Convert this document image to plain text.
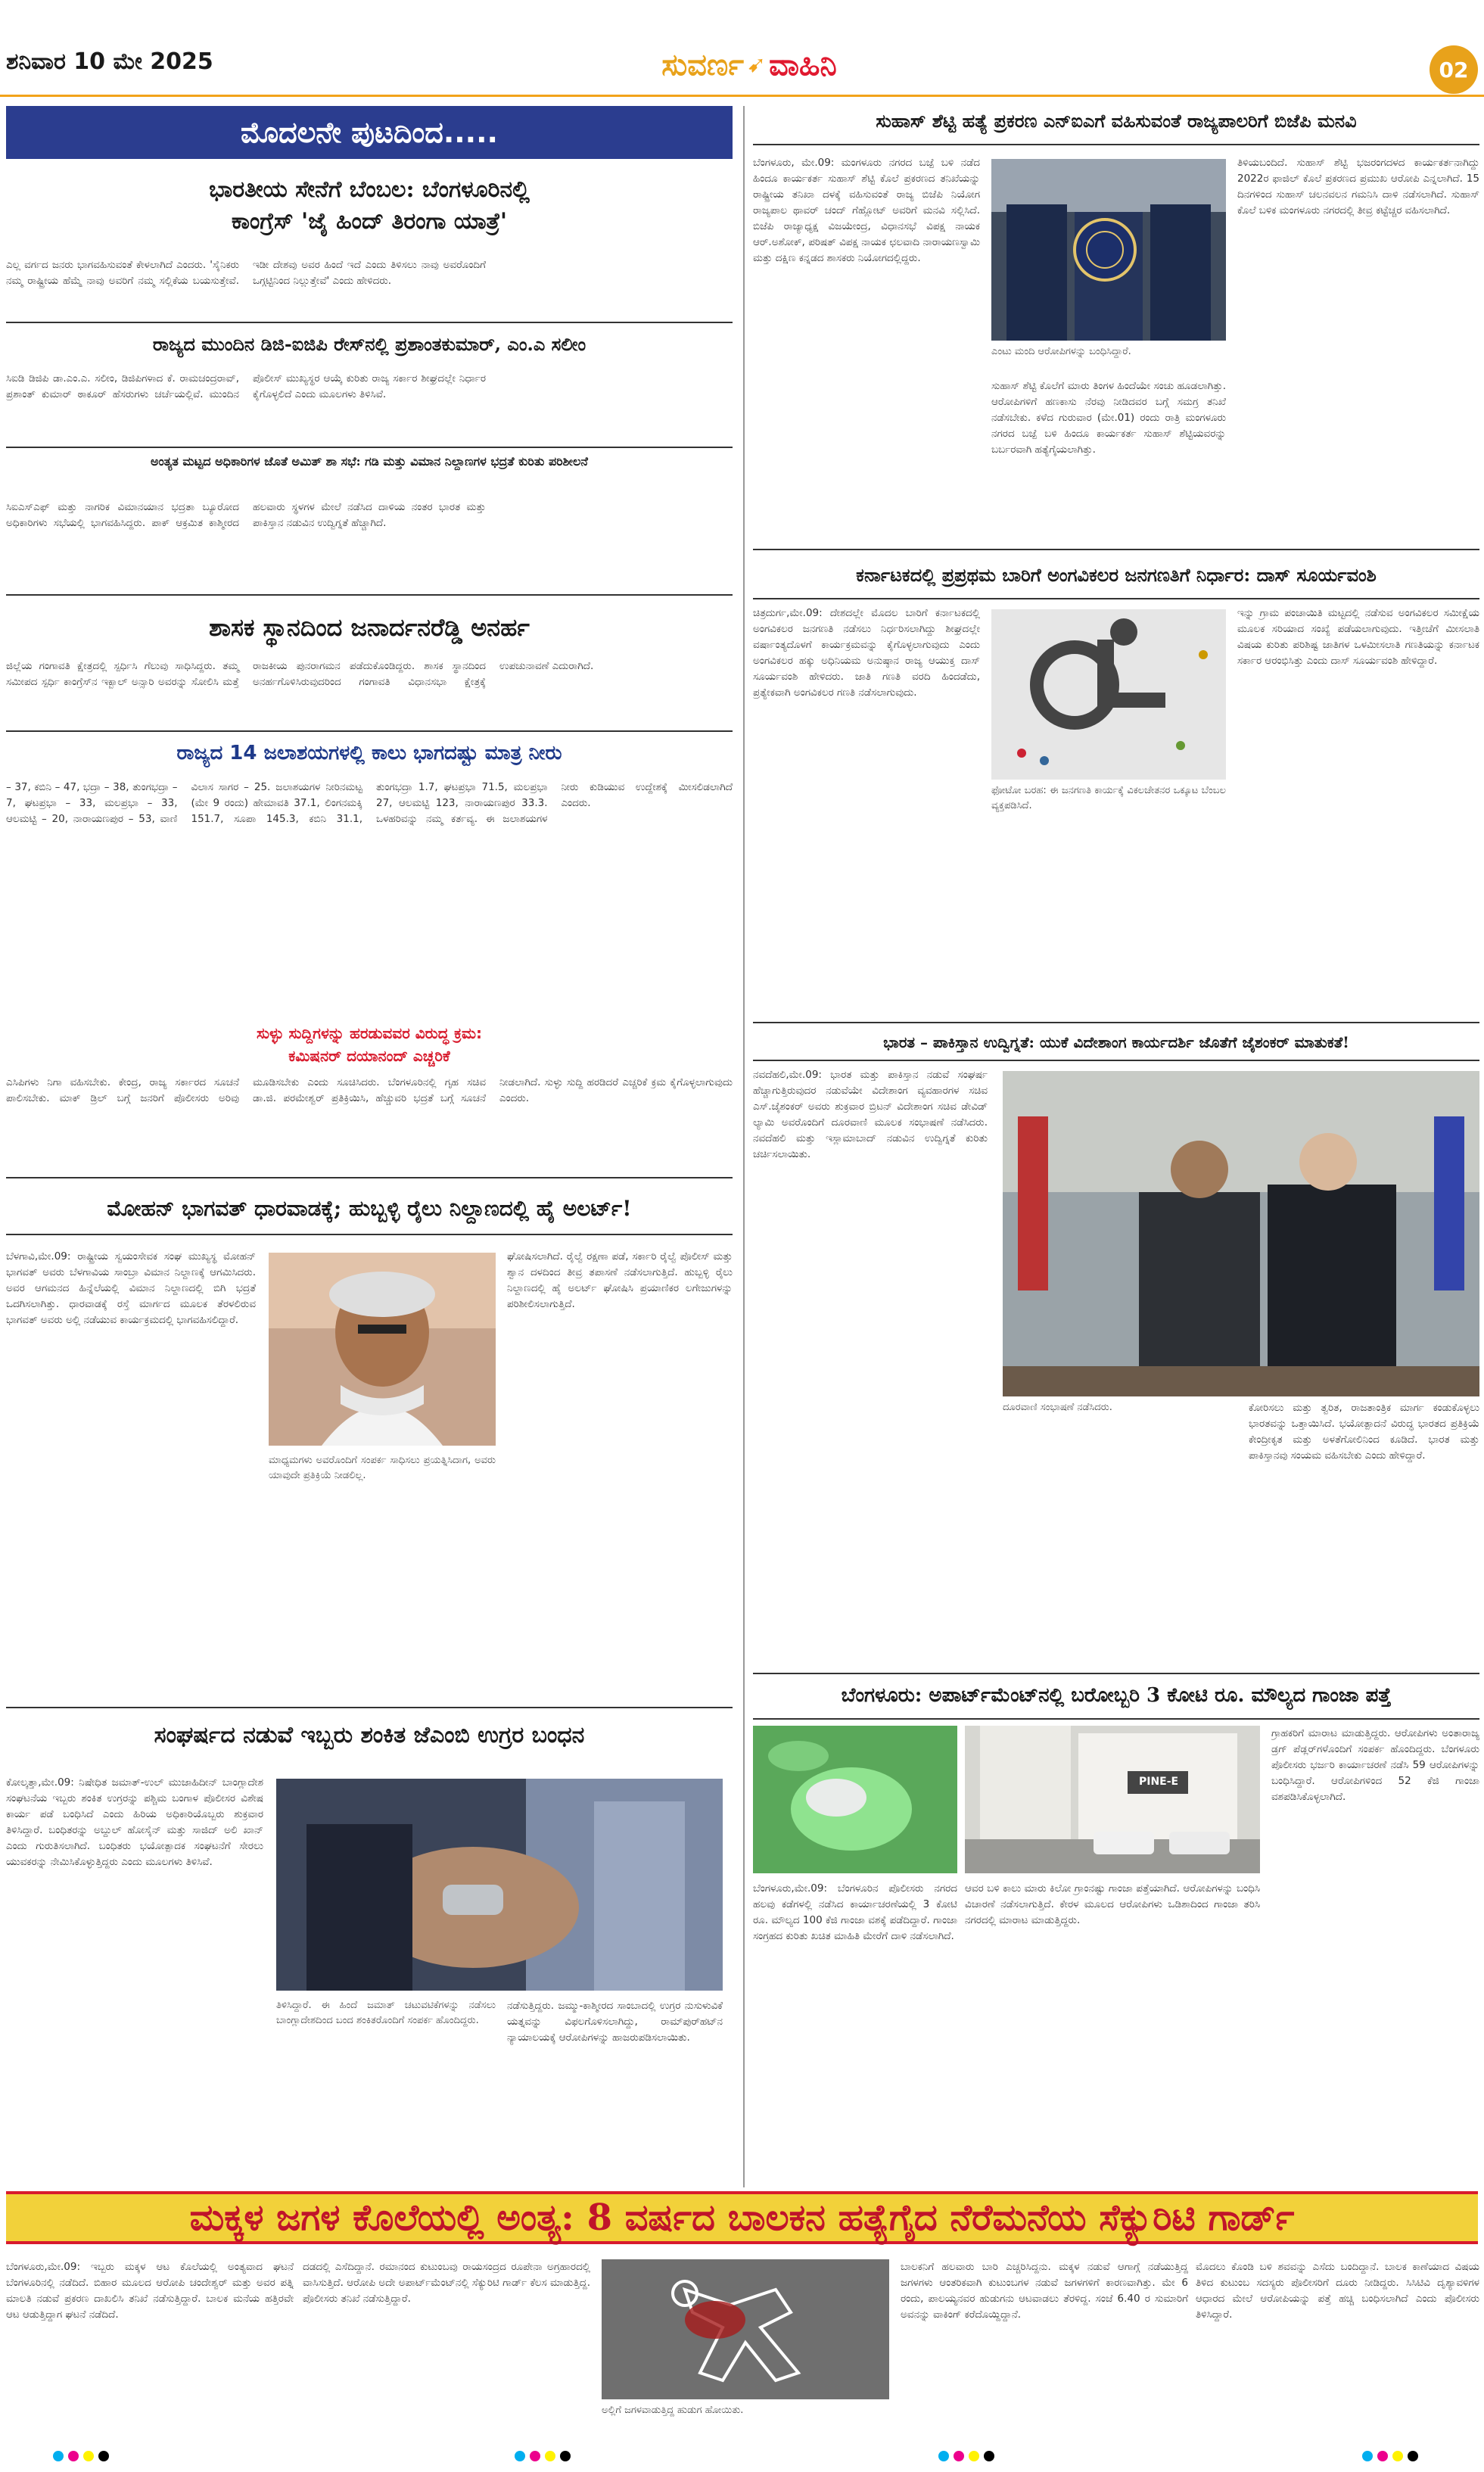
ಶನಿವಾರ 10 ಮೇ 2025	ಸುವರ್ಣ ➹ ವಾಹಿನಿ	02
ಮೊದಲನೇ ಪುಟದಿಂದ.....
ಭಾರತೀಯ ಸೇನೆಗೆ ಬೆಂಬಲ: ಬೆಂಗಳೂರಿನಲ್ಲಿ
ಕಾಂಗ್ರೆಸ್ 'ಜೈ ಹಿಂದ್ ತಿರಂಗಾ ಯಾತ್ರೆ'
ಎಲ್ಲ ವರ್ಗದ ಜನರು ಭಾಗವಹಿಸುವಂತೆ ಕೇಳಲಾಗಿದೆ ಎಂದರು. 'ಸೈನಿಕರು ನಮ್ಮ ರಾಷ್ಟ್ರೀಯ ಹೆಮ್ಮೆ ನಾವು ಅವರಿಗೆ ನಮ್ಮ ಸಲ್ಲಿಕೆಯ ಬಯಸುತ್ತೇವೆ. ಇಡೀ ದೇಶವು ಅವರ ಹಿಂದೆ ಇದೆ ಎಂದು ತಿಳಿಸಲು ನಾವು ಅವರೊಂದಿಗೆ ಒಗ್ಗಟ್ಟಿನಿಂದ ನಿಲ್ಲುತ್ತೇವೆ' ಎಂದು ಹೇಳಿದರು.
ರಾಜ್ಯದ ಮುಂದಿನ ಡಿಜಿ-ಐಜಿಪಿ ರೇಸ್‌ನಲ್ಲಿ ಪ್ರಶಾಂತಕುಮಾರ್, ಎಂ.ಎ ಸಲೀಂ
ಸಿಐಡಿ ಡಿಜಿಪಿ ಡಾ.ಎಂ.ಎ. ಸಲೀಂ, ಡಿಜಿಪಿಗಳಾದ ಕೆ. ರಾಮಚಂದ್ರರಾವ್, ಪ್ರಶಾಂತ್ ಕುಮಾರ್ ಠಾಕೂರ್ ಹೆಸರುಗಳು ಚರ್ಚೆಯಲ್ಲಿವೆ. ಮುಂದಿನ ಪೊಲೀಸ್ ಮುಖ್ಯಸ್ಥರ ಆಯ್ಕೆ ಕುರಿತು ರಾಜ್ಯ ಸರ್ಕಾರ ಶೀಘ್ರದಲ್ಲೇ ನಿರ್ಧಾರ ಕೈಗೊಳ್ಳಲಿದೆ ಎಂದು ಮೂಲಗಳು ತಿಳಿಸಿವೆ.
ಅಂತ್ಯತ ಮಟ್ಟದ ಅಧಿಕಾರಿಗಳ ಜೊತೆ ಅಮಿತ್ ಶಾ ಸಭೆ: ಗಡಿ ಮತ್ತು ವಿಮಾನ ನಿಲ್ದಾಣಗಳ ಭದ್ರತೆ ಕುರಿತು ಪರಿಶೀಲನೆ
ಸಿಐಎಸ್‌ಎಫ್ ಮತ್ತು ನಾಗರಿಕ ವಿಮಾನಯಾನ ಭದ್ರತಾ ಬ್ಯೂರೋದ ಅಧಿಕಾರಿಗಳು ಸಭೆಯಲ್ಲಿ ಭಾಗವಹಿಸಿದ್ದರು. ಪಾಕ್ ಆಕ್ರಮಿತ ಕಾಶ್ಮೀರದ ಹಲವಾರು ಸ್ಥಳಗಳ ಮೇಲೆ ನಡೆಸಿದ ದಾಳಿಯ ನಂತರ ಭಾರತ ಮತ್ತು ಪಾಕಿಸ್ತಾನ ನಡುವಿನ ಉದ್ವಿಗ್ನತೆ ಹೆಚ್ಚಾಗಿದೆ.
ಶಾಸಕ ಸ್ಥಾನದಿಂದ ಜನಾರ್ದನರೆಡ್ಡಿ ಅನರ್ಹ
ಜಿಲ್ಲೆಯ ಗಂಗಾವತಿ ಕ್ಷೇತ್ರದಲ್ಲಿ ಸ್ಪರ್ಧಿಸಿ ಗೆಲುವು ಸಾಧಿಸಿದ್ದರು. ತಮ್ಮ ಸಮೀಪದ ಸ್ಪರ್ಧಿ ಕಾಂಗ್ರೆಸ್‌ನ ಇಕ್ಬಾಲ್ ಅನ್ಸಾರಿ ಅವರನ್ನು ಸೋಲಿಸಿ ಮತ್ತೆ ರಾಜಕೀಯ ಪುನರಾಗಮನ ಪಡೆದುಕೊಂಡಿದ್ದರು. ಶಾಸಕ ಸ್ಥಾನದಿಂದ ಅನರ್ಹಗೊಳಿಸಿರುವುದರಿಂದ ಗಂಗಾವತಿ ವಿಧಾನಸಭಾ ಕ್ಷೇತ್ರಕ್ಕೆ ಉಪಚುನಾವಣೆ ಎದುರಾಗಿದೆ.
ರಾಜ್ಯದ 14 ಜಲಾಶಯಗಳಲ್ಲಿ ಕಾಲು ಭಾಗದಷ್ಟು ಮಾತ್ರ ನೀರು
– 37, ಕಬಿನಿ – 47, ಭದ್ರಾ – 38, ತುಂಗಭದ್ರಾ – 7, ಘಟಪ್ರಭಾ – 33, ಮಲಪ್ರಭಾ – 33, ಆಲಮಟ್ಟಿ – 20, ನಾರಾಯಣಪುರ – 53, ವಾಣಿ ವಿಲಾಸ ಸಾಗರ – 25. ಜಲಾಶಯಗಳ ನೀರಿನಮಟ್ಟ (ಮೇ 9 ರಂದು) ಹೇಮಾವತಿ 37.1, ಲಿಂಗನಮಕ್ಕಿ 151.7, ಸೂಪಾ 145.3, ಕಬಿನಿ 31.1, ತುಂಗಭದ್ರಾ 1.7, ಘಟಪ್ರಭಾ 71.5, ಮಲಪ್ರಭಾ 27, ಆಲಮಟ್ಟಿ 123, ನಾರಾಯಣಪುರ 33.3. ಒಳಹರಿವನ್ನು ನಮ್ಮ ಕರ್ತವ್ಯ. ಈ ಜಲಾಶಯಗಳ ನೀರು ಕುಡಿಯುವ ಉದ್ದೇಶಕ್ಕೆ ಮೀಸಲಿಡಲಾಗಿದೆ ಎಂದರು.
ಸುಳ್ಳು ಸುದ್ದಿಗಳನ್ನು ಹರಡುವವರ ವಿರುದ್ಧ ಕ್ರಮ:
ಕಮಿಷನರ್ ದಯಾನಂದ್ ಎಚ್ಚರಿಕೆ
ಎಸಿಪಿಗಳು ನಿಗಾ ವಹಿಸಬೇಕು. ಕೇಂದ್ರ, ರಾಜ್ಯ ಸರ್ಕಾರದ ಸೂಚನೆ ಪಾಲಿಸಬೇಕು. ಮಾಕ್ ಡ್ರಿಲ್ ಬಗ್ಗೆ ಜನರಿಗೆ ಪೊಲೀಸರು ಅರಿವು ಮೂಡಿಸಬೇಕು ಎಂದು ಸೂಚಿಸಿದರು. ಬೆಂಗಳೂರಿನಲ್ಲಿ ಗೃಹ ಸಚಿವ ಡಾ.ಜಿ. ಪರಮೇಶ್ವರ್ ಪ್ರತಿಕ್ರಿಯಿಸಿ, ಹೆಚ್ಚುವರಿ ಭದ್ರತೆ ಬಗ್ಗೆ ಸೂಚನೆ ನೀಡಲಾಗಿದೆ. ಸುಳ್ಳು ಸುದ್ದಿ ಹರಡಿದರೆ ಎಚ್ಚರಿಕೆ ಕ್ರಮ ಕೈಗೊಳ್ಳಲಾಗುವುದು ಎಂದರು.
ಮೋಹನ್ ಭಾಗವತ್ ಧಾರವಾಡಕ್ಕೆ; ಹುಬ್ಬಳ್ಳಿ ರೈಲು ನಿಲ್ದಾಣದಲ್ಲಿ ಹೈ ಅಲರ್ಟ್!
ಬೆಳಗಾವಿ,ಮೇ.09: ರಾಷ್ಟ್ರೀಯ ಸ್ವಯಂಸೇವಕ ಸಂಘ ಮುಖ್ಯಸ್ಥ ಮೋಹನ್ ಭಾಗವತ್ ಅವರು ಬೆಳಗಾವಿಯ ಸಾಂಬ್ರಾ ವಿಮಾನ ನಿಲ್ದಾಣಕ್ಕೆ ಆಗಮಿಸಿದರು. ಅವರ ಆಗಮನದ ಹಿನ್ನೆಲೆಯಲ್ಲಿ ವಿಮಾನ ನಿಲ್ದಾಣದಲ್ಲಿ ಬಿಗಿ ಭದ್ರತೆ ಒದಗಿಸಲಾಗಿತ್ತು. ಧಾರವಾಡಕ್ಕೆ ರಸ್ತೆ ಮಾರ್ಗದ ಮೂಲಕ ತೆರಳಲಿರುವ ಭಾಗವತ್ ಅವರು ಅಲ್ಲಿ ನಡೆಯುವ ಕಾರ್ಯಕ್ರಮದಲ್ಲಿ ಭಾಗವಹಿಸಲಿದ್ದಾರೆ.
ಮಾಧ್ಯಮಗಳು ಅವರೊಂದಿಗೆ ಸಂಪರ್ಕ ಸಾಧಿಸಲು ಪ್ರಯತ್ನಿಸಿದಾಗ, ಅವರು ಯಾವುದೇ ಪ್ರತಿಕ್ರಿಯೆ ನೀಡಲಿಲ್ಲ.
ಘೋಷಿಸಲಾಗಿದೆ. ರೈಲ್ವೆ ರಕ್ಷಣಾ ಪಡೆ, ಸರ್ಕಾರಿ ರೈಲ್ವೆ ಪೊಲೀಸ್ ಮತ್ತು ಶ್ವಾನ ದಳದಿಂದ ತೀವ್ರ ತಪಾಸಣೆ ನಡೆಸಲಾಗುತ್ತಿದೆ. ಹುಬ್ಬಳ್ಳಿ ರೈಲು ನಿಲ್ದಾಣದಲ್ಲಿ ಹೈ ಅಲರ್ಟ್ ಘೋಷಿಸಿ ಪ್ರಯಾಣಿಕರ ಲಗೇಜುಗಳನ್ನು ಪರಿಶೀಲಿಸಲಾಗುತ್ತಿದೆ.
ಸಂಘರ್ಷದ ನಡುವೆ ಇಬ್ಬರು ಶಂಕಿತ ಜೆಎಂಬಿ ಉಗ್ರರ ಬಂಧನ
ಕೋಲ್ಕತ್ತಾ,ಮೇ.09: ನಿಷೇಧಿತ ಜಮಾತ್-ಉಲ್ ಮುಜಾಹಿದೀನ್ ಬಾಂಗ್ಲಾದೇಶ ಸಂಘಟನೆಯ ಇಬ್ಬರು ಶಂಕಿತ ಉಗ್ರರನ್ನು ಪಶ್ಚಿಮ ಬಂಗಾಳ ಪೊಲೀಸರ ವಿಶೇಷ ಕಾರ್ಯ ಪಡೆ ಬಂಧಿಸಿದೆ ಎಂದು ಹಿರಿಯ ಅಧಿಕಾರಿಯೊಬ್ಬರು ಶುಕ್ರವಾರ ತಿಳಿಸಿದ್ದಾರೆ. ಬಂಧಿತರನ್ನು ಅಬ್ದುಲ್ ಹೋಸೈನ್ ಮತ್ತು ಸಾಜಿದ್ ಅಲಿ ಖಾನ್ ಎಂದು ಗುರುತಿಸಲಾಗಿದೆ. ಬಂಧಿತರು ಭಯೋತ್ಪಾದಕ ಸಂಘಟನೆಗೆ ಸೇರಲು ಯುವಕರನ್ನು ನೇಮಿಸಿಕೊಳ್ಳುತ್ತಿದ್ದರು ಎಂದು ಮೂಲಗಳು ತಿಳಿಸಿವೆ.
ತಿಳಿಸಿದ್ದಾರೆ. ಈ ಹಿಂದೆ ಜಮಾತ್ ಚಟುವಟಿಕೆಗಳನ್ನು ನಡೆಸಲು ಬಾಂಗ್ಲಾದೇಶದಿಂದ ಬಂದ ಶಂಕಿತರೊಂದಿಗೆ ಸಂಪರ್ಕ ಹೊಂದಿದ್ದರು.
ನಡೆಸುತ್ತಿದ್ದರು. ಜಮ್ಮು-ಕಾಶ್ಮೀರದ ಸಾಂಬಾದಲ್ಲಿ ಉಗ್ರರ ನುಸುಳುವಿಕೆ ಯತ್ನವನ್ನು ವಿಫಲಗೊಳಿಸಲಾಗಿದ್ದು, ರಾಮ್‌ಪುರ್‌ಹಟ್‌ನ ನ್ಯಾಯಾಲಯಕ್ಕೆ ಆರೋಪಿಗಳನ್ನು ಹಾಜರುಪಡಿಸಲಾಯಿತು.
ಸುಹಾಸ್ ಶೆಟ್ಟಿ ಹತ್ಯೆ ಪ್ರಕರಣ ಎನ್‌ಐಎಗೆ ವಹಿಸುವಂತೆ ರಾಜ್ಯಪಾಲರಿಗೆ ಬಿಜೆಪಿ ಮನವಿ
ಬೆಂಗಳೂರು, ಮೇ.09: ಮಂಗಳೂರು ನಗರದ ಬಜ್ಪೆ ಬಳಿ ನಡೆದ ಹಿಂದೂ ಕಾರ್ಯಕರ್ತ ಸುಹಾಸ್ ಶೆಟ್ಟಿ ಕೊಲೆ ಪ್ರಕರಣದ ತನಿಖೆಯನ್ನು ರಾಷ್ಟ್ರೀಯ ತನಿಖಾ ದಳಕ್ಕೆ ವಹಿಸುವಂತೆ ರಾಜ್ಯ ಬಿಜೆಪಿ ನಿಯೋಗ ರಾಜ್ಯಪಾಲ ಥಾವರ್ ಚಂದ್ ಗೆಹ್ಲೋಟ್ ಅವರಿಗೆ ಮನವಿ ಸಲ್ಲಿಸಿದೆ. ಬಿಜೆಪಿ ರಾಜ್ಯಾಧ್ಯಕ್ಷ ವಿಜಯೇಂದ್ರ, ವಿಧಾನಸಭೆ ವಿಪಕ್ಷ ನಾಯಕ ಆರ್.ಅಶೋಕ್, ಪರಿಷತ್ ವಿಪಕ್ಷ ನಾಯಕ ಛಲವಾದಿ ನಾರಾಯಣಸ್ವಾಮಿ ಮತ್ತು ದಕ್ಷಿಣ ಕನ್ನಡದ ಶಾಸಕರು ನಿಯೋಗದಲ್ಲಿದ್ದರು.
ಎಂಟು ಮಂದಿ ಆರೋಪಿಗಳನ್ನು ಬಂಧಿಸಿದ್ದಾರೆ.
ಸುಹಾಸ್ ಶೆಟ್ಟಿ ಕೊಲೆಗೆ ಮಾರು ತಿಂಗಳ ಹಿಂದೆಯೇ ಸಂಚು ಹೂಡಲಾಗಿತ್ತು. ಆರೋಪಿಗಳಿಗೆ ಹಣಕಾಸು ನೆರವು ನೀಡಿದವರ ಬಗ್ಗೆ ಸಮಗ್ರ ತನಿಖೆ ನಡೆಸಬೇಕು. ಕಳೆದ ಗುರುವಾರ (ಮೇ.01) ರಂದು ರಾತ್ರಿ ಮಂಗಳೂರು ನಗರದ ಬಜ್ಪೆ ಬಳಿ ಹಿಂದೂ ಕಾರ್ಯಕರ್ತ ಸುಹಾಸ್ ಶೆಟ್ಟಿಯವರನ್ನು ಬರ್ಬರವಾಗಿ ಹತ್ಯೆಗೈಯಲಾಗಿತ್ತು.
ತಿಳಿಯಬಂದಿದೆ. ಸುಹಾಸ್ ಶೆಟ್ಟಿ ಭಜರಂಗದಳದ ಕಾರ್ಯಕರ್ತನಾಗಿದ್ದು 2022ರ ಫಾಜಿಲ್ ಕೊಲೆ ಪ್ರಕರಣದ ಪ್ರಮುಖ ಆರೋಪಿ ಎನ್ನಲಾಗಿದೆ. 15 ದಿನಗಳಿಂದ ಸುಹಾಸ್ ಚಲನವಲನ ಗಮನಿಸಿ ದಾಳಿ ನಡೆಸಲಾಗಿದೆ. ಸುಹಾಸ್ ಕೊಲೆ ಬಳಿಕ ಮಂಗಳೂರು ನಗರದಲ್ಲಿ ತೀವ್ರ ಕಟ್ಟೆಚ್ಚರ ವಹಿಸಲಾಗಿದೆ.
ಕರ್ನಾಟಕದಲ್ಲಿ ಪ್ರಪ್ರಥಮ ಬಾರಿಗೆ ಅಂಗವಿಕಲರ ಜನಗಣತಿಗೆ ನಿರ್ಧಾರ: ದಾಸ್ ಸೂರ್ಯವಂಶಿ
ಚಿತ್ರದುರ್ಗ,ಮೇ.09: ದೇಶದಲ್ಲೇ ಮೊದಲ ಬಾರಿಗೆ ಕರ್ನಾಟಕದಲ್ಲಿ ಅಂಗವಿಕಲರ ಜನಗಣತಿ ನಡೆಸಲು ನಿರ್ಧರಿಸಲಾಗಿದ್ದು ಶೀಘ್ರದಲ್ಲೇ ವರ್ಷಾಂತ್ಯದೊಳಗೆ ಕಾರ್ಯಕ್ರಮವನ್ನು ಕೈಗೊಳ್ಳಲಾಗುವುದು ಎಂದು ಅಂಗವಿಕಲರ ಹಕ್ಕು ಅಧಿನಿಯಮ ಅನುಷ್ಠಾನ ರಾಜ್ಯ ಆಯುಕ್ತ ದಾಸ್ ಸೂರ್ಯವಂಶಿ ಹೇಳಿದರು. ಜಾತಿ ಗಣತಿ ವರದಿ ಹಿಂದಡೆದು, ಪ್ರತ್ಯೇಕವಾಗಿ ಅಂಗವಿಕಲರ ಗಣತಿ ನಡೆಸಲಾಗುವುದು.
ಫೋಟೋ ಬರಹ: ಈ ಜನಗಣತಿ ಕಾರ್ಯಕ್ಕೆ ವಿಕಲಚೇತನರ ಒಕ್ಕೂಟ ಬೆಂಬಲ ವ್ಯಕ್ತಪಡಿಸಿದೆ.
ಇನ್ನು ಗ್ರಾಮ ಪಂಚಾಯಿತಿ ಮಟ್ಟದಲ್ಲಿ ನಡೆಸುವ ಅಂಗವಿಕಲರ ಸಮೀಕ್ಷೆಯ ಮೂಲಕ ಸರಿಯಾದ ಸಂಖ್ಯೆ ಪಡೆಯಲಾಗುವುದು. ಇತ್ತೀಚೆಗೆ ಮೀಸಲಾತಿ ವಿಷಯ ಕುರಿತು ಪರಿಶಿಷ್ಟ ಜಾತಿಗಳ ಒಳಮೀಸಲಾತಿ ಗಣತಿಯನ್ನು ಕರ್ನಾಟಕ ಸರ್ಕಾರ ಆರಂಭಿಸಿತ್ತು ಎಂದು ದಾಸ್ ಸೂರ್ಯವಂಶಿ ಹೇಳಿದ್ದಾರೆ.
ಭಾರತ – ಪಾಕಿಸ್ತಾನ ಉದ್ವಿಗ್ನತೆ: ಯುಕೆ ವಿದೇಶಾಂಗ ಕಾರ್ಯದರ್ಶಿ ಜೊತೆಗೆ ಜೈಶಂಕರ್ ಮಾತುಕತೆ!
ನವದೆಹಲಿ,ಮೇ.09: ಭಾರತ ಮತ್ತು ಪಾಕಿಸ್ತಾನ ನಡುವೆ ಸಂಘರ್ಷ ಹೆಚ್ಚಾಗುತ್ತಿರುವುದರ ನಡುವೆಯೇ ವಿದೇಶಾಂಗ ವ್ಯವಹಾರಗಳ ಸಚಿವ ಎಸ್.ಜೈಶಂಕರ್ ಅವರು ಶುಕ್ರವಾರ ಬ್ರಿಟನ್ ವಿದೇಶಾಂಗ ಸಚಿವ ಡೇವಿಡ್ ಲ್ಯಾಮಿ ಅವರೊಂದಿಗೆ ದೂರವಾಣಿ ಮೂಲಕ ಸಂಭಾಷಣೆ ನಡೆಸಿದರು. ನವದೆಹಲಿ ಮತ್ತು ಇಸ್ಲಾಮಾಬಾದ್ ನಡುವಿನ ಉದ್ವಿಗ್ನತೆ ಕುರಿತು ಚರ್ಚಿಸಲಾಯಿತು.
ದೂರವಾಣಿ ಸಂಭಾಷಣೆ ನಡೆಸಿದರು.	ಕೋರಿಸಲು ಮತ್ತು ತ್ವರಿತ, ರಾಜತಾಂತ್ರಿಕ ಮಾರ್ಗ ಕಂಡುಕೊಳ್ಳಲು ಭಾರತವನ್ನು ಒತ್ತಾಯಿಸಿದೆ. ಭಯೋತ್ಪಾದನೆ ವಿರುದ್ಧ ಭಾರತದ ಪ್ರತಿಕ್ರಿಯೆ ಕೇಂದ್ರೀಕೃತ ಮತ್ತು ಅಳತೆಗೋಲಿನಿಂದ ಕೂಡಿದೆ. ಭಾರತ ಮತ್ತು ಪಾಕಿಸ್ತಾನವು ಸಂಯಮ ವಹಿಸಬೇಕು ಎಂದು ಹೇಳಿದ್ದಾರೆ.
ಬೆಂಗಳೂರು: ಅಪಾರ್ಟ್‌ಮೆಂಟ್‌ನಲ್ಲಿ ಬರೋಬ್ಬರಿ 3 ಕೋಟಿ ರೂ. ಮೌಲ್ಯದ ಗಾಂಜಾ ಪತ್ತೆ
PINE-E
ಬೆಂಗಳೂರು,ಮೇ.09: ಬೆಂಗಳೂರಿನ ಪೊಲೀಸರು ನಗರದ ಹಲವು ಕಡೆಗಳಲ್ಲಿ ನಡೆಸಿದ ಕಾರ್ಯಾಚರಣೆಯಲ್ಲಿ 3 ಕೋಟಿ ರೂ. ಮೌಲ್ಯದ 100 ಕೆಜಿ ಗಾಂಜಾ ವಶಕ್ಕೆ ಪಡೆದಿದ್ದಾರೆ. ಗಾಂಜಾ ಸಂಗ್ರಹದ ಕುರಿತು ಖಚಿತ ಮಾಹಿತಿ ಮೇರೆಗೆ ದಾಳಿ ನಡೆಸಲಾಗಿದೆ.
ಆವರ ಬಳಿ ಕಾಲು ಮಾರು ಕಿಲೋ ಗ್ರಾಂನಷ್ಟು ಗಾಂಜಾ ಪತ್ತೆಯಾಗಿದೆ. ಆರೋಪಿಗಳನ್ನು ಬಂಧಿಸಿ ವಿಚಾರಣೆ ನಡೆಸಲಾಗುತ್ತಿದೆ. ಕೇರಳ ಮೂಲದ ಆರೋಪಿಗಳು ಒಡಿಶಾದಿಂದ ಗಾಂಜಾ ತರಿಸಿ ನಗರದಲ್ಲಿ ಮಾರಾಟ ಮಾಡುತ್ತಿದ್ದರು.
ಗ್ರಾಹಕರಿಗೆ ಮಾರಾಟ ಮಾಡುತ್ತಿದ್ದರು. ಆರೋಪಿಗಳು ಅಂತಾರಾಜ್ಯ ಡ್ರಗ್ ಪೆಡ್ಲರ್‌ಗಳೊಂದಿಗೆ ಸಂಪರ್ಕ ಹೊಂದಿದ್ದರು. ಬೆಂಗಳೂರು ಪೊಲೀಸರು ಭರ್ಜರಿ ಕಾರ್ಯಾಚರಣೆ ನಡೆಸಿ 59 ಆರೋಪಿಗಳನ್ನು ಬಂಧಿಸಿದ್ದಾರೆ. ಆರೋಪಿಗಳಿಂದ 52 ಕೆಜಿ ಗಾಂಜಾ ವಶಪಡಿಸಿಕೊಳ್ಳಲಾಗಿದೆ.
ಮಕ್ಕಳ ಜಗಳ ಕೊಲೆಯಲ್ಲಿ ಅಂತ್ಯ: 8 ವರ್ಷದ ಬಾಲಕನ ಹತ್ಯೆಗೈದ ನೆರೆಮನೆಯ ಸೆಕ್ಯುರಿಟಿ ಗಾರ್ಡ್
ಬೆಂಗಳೂರು,ಮೇ.09: ಇಬ್ಬರು ಮಕ್ಕಳ ಆಟ ಕೊಲೆಯಲ್ಲಿ ಅಂತ್ಯವಾದ ಘಟನೆ ಬೆಂಗಳೂರಿನಲ್ಲಿ ನಡೆದಿದೆ. ಬಿಹಾರ ಮೂಲದ ಆರೋಪಿ ಚಂದೇಶ್ವರ್ ಮತ್ತು ಅವರ ಪತ್ನಿ ಮಾಲತಿ ನಡುವೆ ಪ್ರಕರಣ ದಾಖಲಿಸಿ ತನಿಖೆ ನಡೆಸುತ್ತಿದ್ದಾರೆ. ಬಾಲಕ ಮನೆಯ ಹತ್ತಿರವೇ ಆಟ ಆಡುತ್ತಿದ್ದಾಗ ಘಟನೆ ನಡೆದಿದೆ.
ದಡದಲ್ಲಿ ಎಸೆದಿದ್ದಾನೆ. ರಮಾನಂದ ಕುಟುಂಬವು ರಾಯಸಂದ್ರದ ರೂಪೇನಾ ಅಗ್ರಹಾರದಲ್ಲಿ ವಾಸಿಸುತ್ತಿದೆ. ಆರೋಪಿ ಅದೇ ಅಪಾರ್ಟ್‌ಮೆಂಟ್‌ನಲ್ಲಿ ಸೆಕ್ಯುರಿಟಿ ಗಾರ್ಡ್ ಕೆಲಸ ಮಾಡುತ್ತಿದ್ದ. ಪೊಲೀಸರು ತನಿಖೆ ನಡೆಸುತ್ತಿದ್ದಾರೆ.
ಅಲ್ಲಿಗೆ ಜಗಳವಾಡುತ್ತಿದ್ದ ಹುಡುಗ ಹೋಯಿತು.
ಬಾಲಕನಿಗೆ ಹಲವಾರು ಬಾರಿ ಎಚ್ಚರಿಸಿದ್ದನು. ಮಕ್ಕಳ ನಡುವೆ ಆಗಾಗ್ಗೆ ನಡೆಯುತ್ತಿದ್ದ ಜಗಳಗಳು ಆಂತರಿಕವಾಗಿ ಕುಟುಂಬಗಳ ನಡುವೆ ಜಗಳಗಳಿಗೆ ಕಾರಣವಾಗಿತ್ತು. ಮೇ 6 ರಂದು, ಪಾಲಯ್ಯನವರ ಹುಡುಗನು ಆಟವಾಡಲು ತೆರಳಿದ್ದ. ಸಂಜೆ 6.40 ರ ಸುಮಾರಿಗೆ ಅವನನ್ನು ವಾಕಿಂಗ್ ಕರೆದೊಯ್ದಿದ್ದಾನೆ.
ಮೊದಲು ಕೊಂಡಿ ಬಳಿ ಶವವನ್ನು ಎಸೆದು ಬಂದಿದ್ದಾನೆ. ಬಾಲಕ ಕಾಣೆಯಾದ ವಿಷಯ ತಿಳಿದ ಕುಟುಂಬ ಸದಸ್ಯರು ಪೊಲೀಸರಿಗೆ ದೂರು ನೀಡಿದ್ದರು. ಸಿಸಿಟಿವಿ ದೃಶ್ಯಾವಳಿಗಳ ಆಧಾರದ ಮೇಲೆ ಆರೋಪಿಯನ್ನು ಪತ್ತೆ ಹಚ್ಚಿ ಬಂಧಿಸಲಾಗಿದೆ ಎಂದು ಪೊಲೀಸರು ತಿಳಿಸಿದ್ದಾರೆ.
